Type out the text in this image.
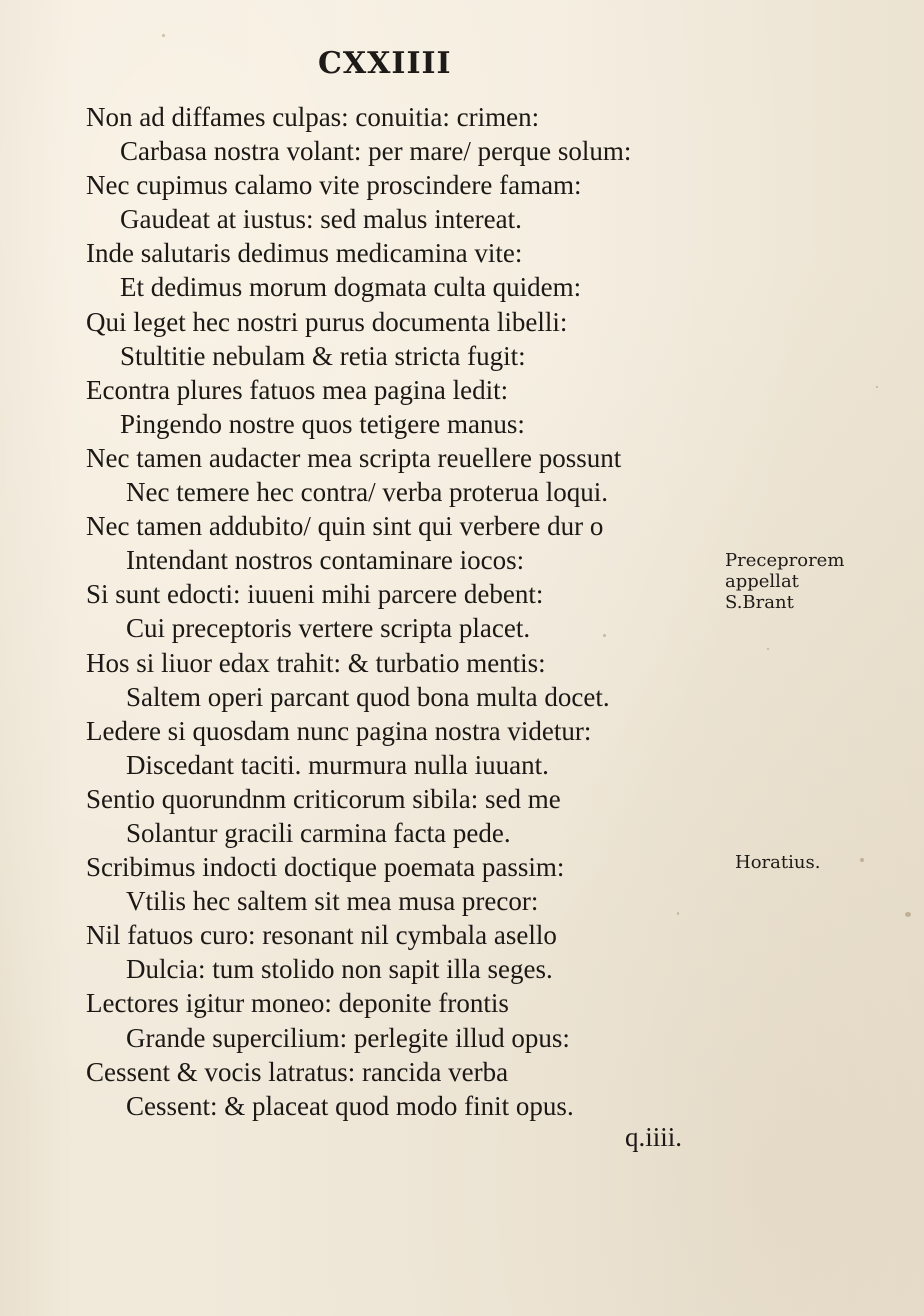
CXXIIII
Non ad diffames culpas: conuitia: crimen:
Carbasa nostra volant: per mare/ perque solum:
Nec cupimus calamo vite proscindere famam:
Gaudeat at iustus: sed malus intereat.
Inde salutaris dedimus medicamina vite:
Et dedimus morum dogmata culta quidem:
Qui leget hec nostri purus documenta libelli:
Stultitie nebulam & retia stricta fugit:
Econtra plures fatuos mea pagina ledit:
Pingendo nostre quos tetigere manus:
Nec tamen audacter mea scripta reuellere possunt
Nec temere hec contra/ verba proterua loqui.
Nec tamen addubito/ quin sint qui verbere dur o
Intendant nostros contaminare iocos:
Si sunt edocti: iuueni mihi parcere debent:
Cui preceptoris vertere scripta placet.
Hos si liuor edax trahit: & turbatio mentis:
Saltem operi parcant quod bona multa docet.
Ledere si quosdam nunc pagina nostra videtur:
Discedant taciti. murmura nulla iuuant.
Sentio quorundnm criticorum sibila: sed me
Solantur gracili carmina facta pede.
Scribimus indocti doctique poemata passim:
Vtilis hec saltem sit mea musa precor:
Nil fatuos curo: resonant nil cymbala asello
Dulcia: tum stolido non sapit illa seges.
Lectores igitur moneo: deponite frontis
Grande supercilium: perlegite illud opus:
Cessent & vocis latratus: rancida verba
Cessent: & placeat quod modo finit opus.

q.iiii.

Preceprorem
appellat
S.Brant

Horatius.
